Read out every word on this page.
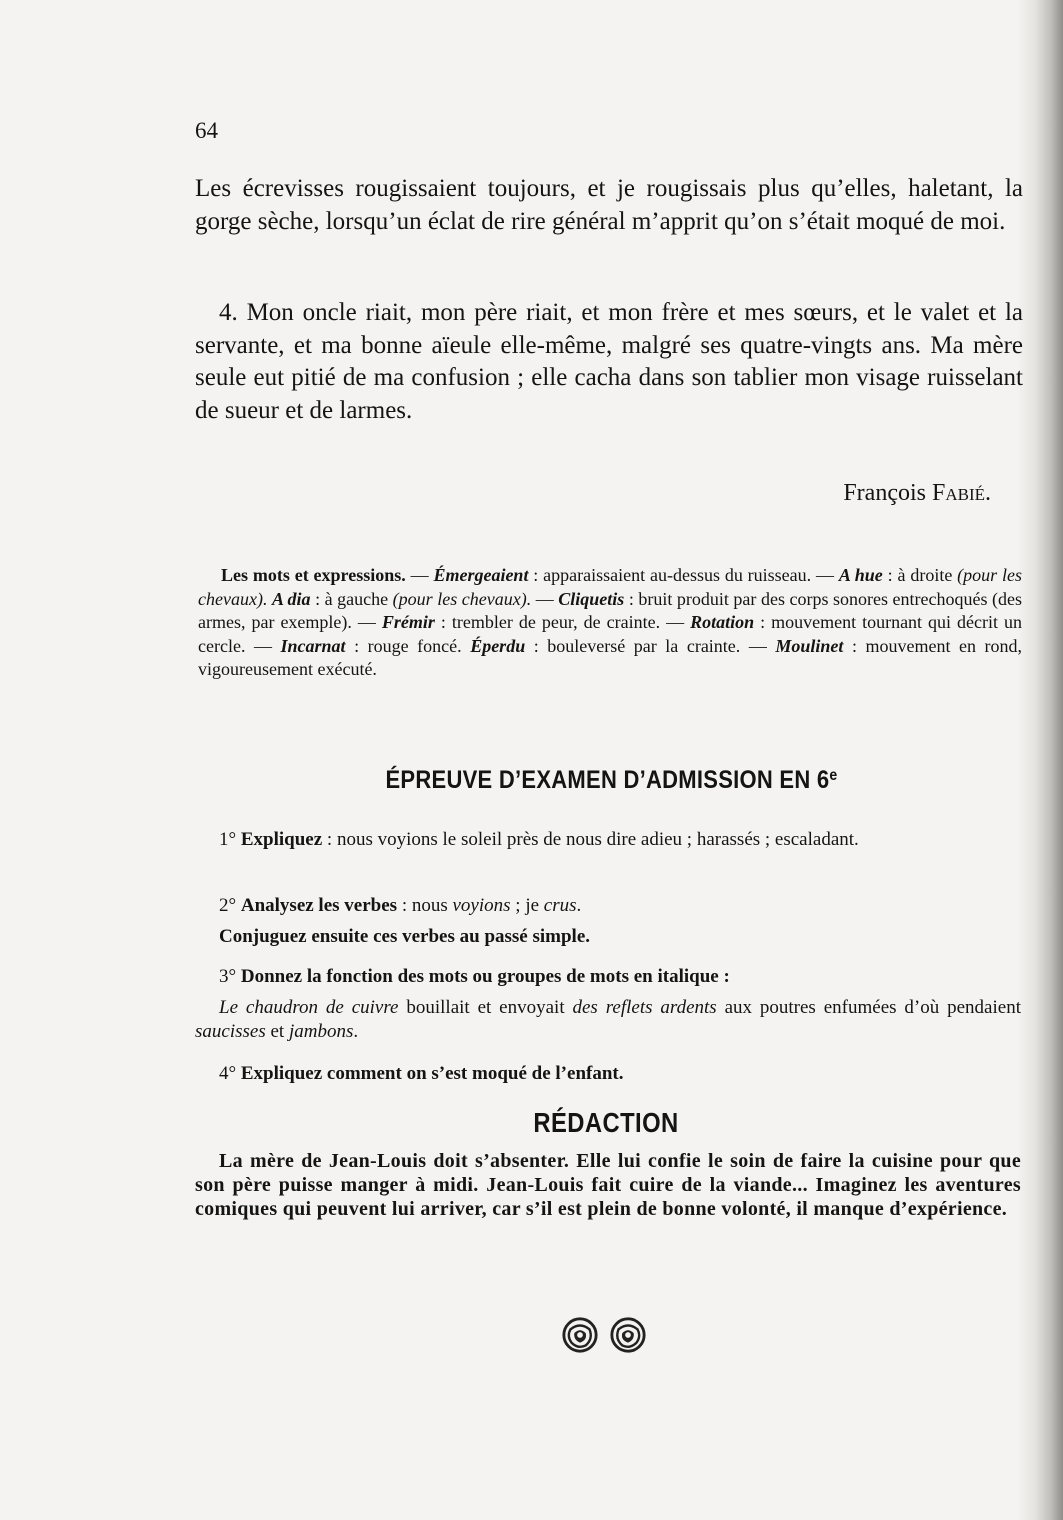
64

Les écrevisses rougissaient toujours, et je rougissais plus qu’elles, haletant, la gorge sèche, lorsqu’un éclat de rire général m’apprit qu’on s’était moqué de moi.

4. Mon oncle riait, mon père riait, et mon frère et mes sœurs, et le valet et la servante, et ma bonne aïeule elle-même, malgré ses quatre-vingts ans. Ma mère seule eut pitié de ma confusion ; elle cacha dans son tablier mon visage ruisselant de sueur et de larmes.

François Fabié.

Les mots et expressions. — Émergeaient : apparaissaient au-dessus du ruisseau. — A hue : à droite (pour les chevaux). A dia : à gauche (pour les chevaux). — Cliquetis : bruit produit par des corps sonores entrechoqués (des armes, par exemple). — Frémir : trembler de peur, de crainte. — Rotation : mouvement tournant qui décrit un cercle. — Incarnat : rouge foncé. Éperdu : bouleversé par la crainte. — Moulinet : mouvement en rond, vigoureusement exécuté.

ÉPREUVE D’EXAMEN D’ADMISSION EN 6e

1° Expliquez : nous voyions le soleil près de nous dire adieu ; harassés ; escaladant.

2° Analysez les verbes : nous voyions ; je crus.

Conjuguez ensuite ces verbes au passé simple.

3° Donnez la fonction des mots ou groupes de mots en italique :

Le chaudron de cuivre bouillait et envoyait des reflets ardents aux poutres enfumées d’où pendaient saucisses et jambons.

4° Expliquez comment on s’est moqué de l’enfant.

RÉDACTION

La mère de Jean-Louis doit s’absenter. Elle lui confie le soin de faire la cuisine pour que son père puisse manger à midi. Jean-Louis fait cuire de la viande... Imaginez les aventures comiques qui peuvent lui arriver, car s’il est plein de bonne volonté, il manque d’expérience.
